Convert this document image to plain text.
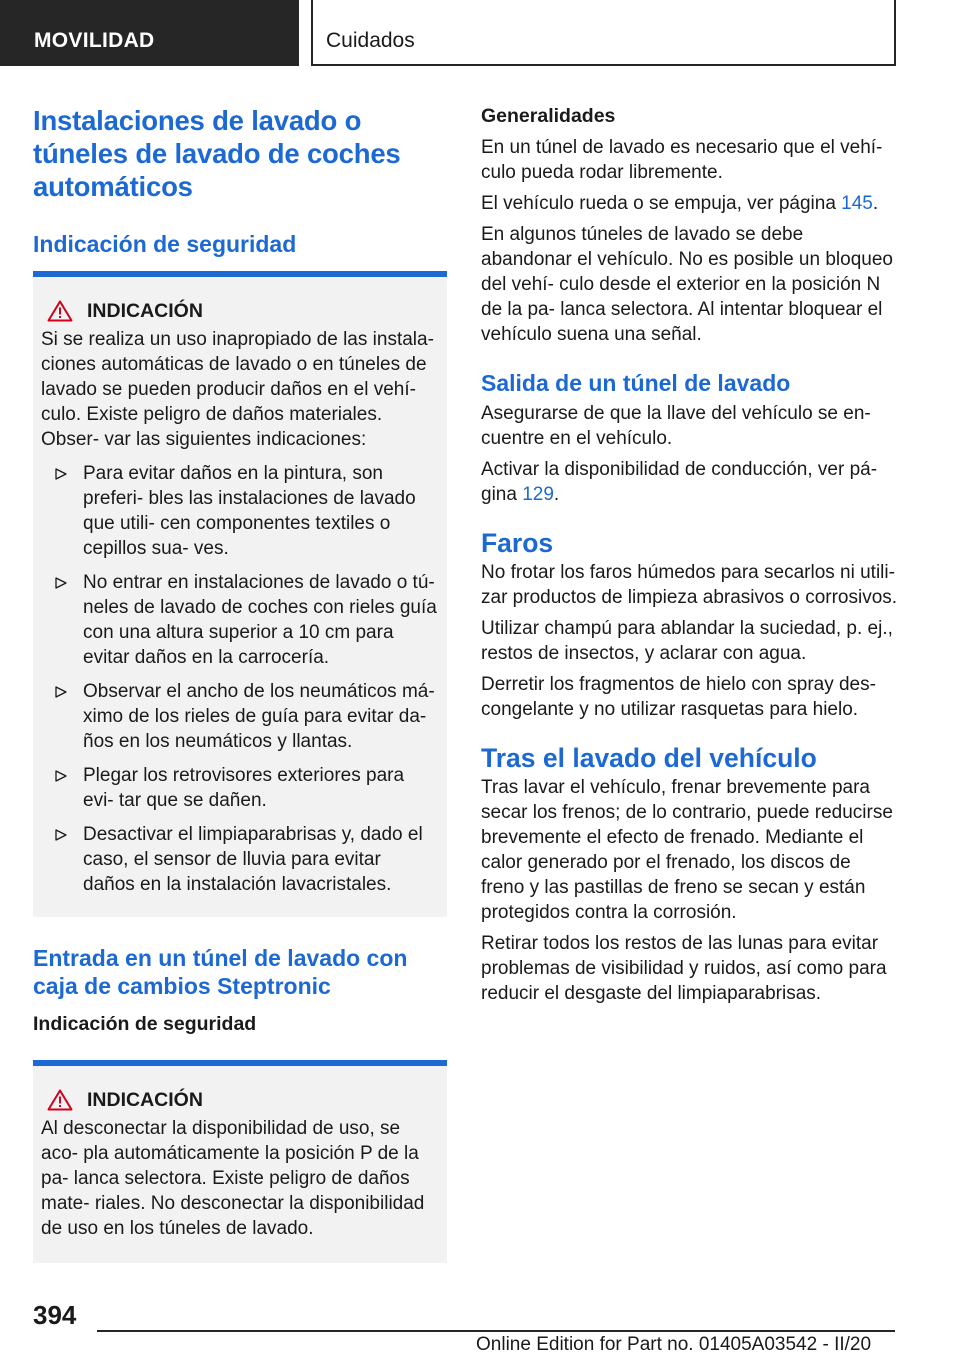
MOVILIDAD	Cuidados
Instalaciones de lavado o túneles de lavado de coches automáticos
Indicación de seguridad
INDICACIÓN

Si se realiza un uso inapropiado de las instala- ciones automáticas de lavado o en túneles de lavado se pueden producir daños en el vehí- culo. Existe peligro de daños materiales. Obser- var las siguientes indicaciones:

Para evitar daños en la pintura, son preferi- bles las instalaciones de lavado que utili- cen componentes textiles o cepillos sua- ves.
No entrar en instalaciones de lavado o tú- neles de lavado de coches con rieles guía con una altura superior a 10 cm para evitar daños en la carrocería.
Observar el ancho de los neumáticos má- ximo de los rieles de guía para evitar da- ños en los neumáticos y llantas.
Plegar los retrovisores exteriores para evi- tar que se dañen.
Desactivar el limpiaparabrisas y, dado el caso, el sensor de lluvia para evitar daños en la instalación lavacristales.
Entrada en un túnel de lavado con caja de cambios Steptronic
Indicación de seguridad
INDICACIÓN

Al desconectar la disponibilidad de uso, se aco- pla automáticamente la posición P de la pa- lanca selectora. Existe peligro de daños mate- riales. No desconectar la disponibilidad de uso en los túneles de lavado.

Generalidades

En un túnel de lavado es necesario que el vehí- culo pueda rodar libremente.

El vehículo rueda o se empuja, ver página 145.

En algunos túneles de lavado se debe abandonar el vehículo. No es posible un bloqueo del vehí- culo desde el exterior en la posición N de la pa- lanca selectora. Al intentar bloquear el vehículo suena una señal.

Salida de un túnel de lavado

Asegurarse de que la llave del vehículo se en- cuentre en el vehículo.

Activar la disponibilidad de conducción, ver pá- gina 129.

Faros

No frotar los faros húmedos para secarlos ni utili- zar productos de limpieza abrasivos o corrosivos.

Utilizar champú para ablandar la suciedad, p. ej., restos de insectos, y aclarar con agua.

Derretir los fragmentos de hielo con spray des- congelante y no utilizar rasquetas para hielo.

Tras el lavado del vehículo

Tras lavar el vehículo, frenar brevemente para secar los frenos; de lo contrario, puede reducirse brevemente el efecto de frenado. Mediante el calor generado por el frenado, los discos de freno y las pastillas de freno se secan y están protegidos contra la corrosión.

Retirar todos los restos de las lunas para evitar problemas de visibilidad y ruidos, así como para reducir el desgaste del limpiaparabrisas.

394
Online Edition for Part no. 01405A03542 - II/20
